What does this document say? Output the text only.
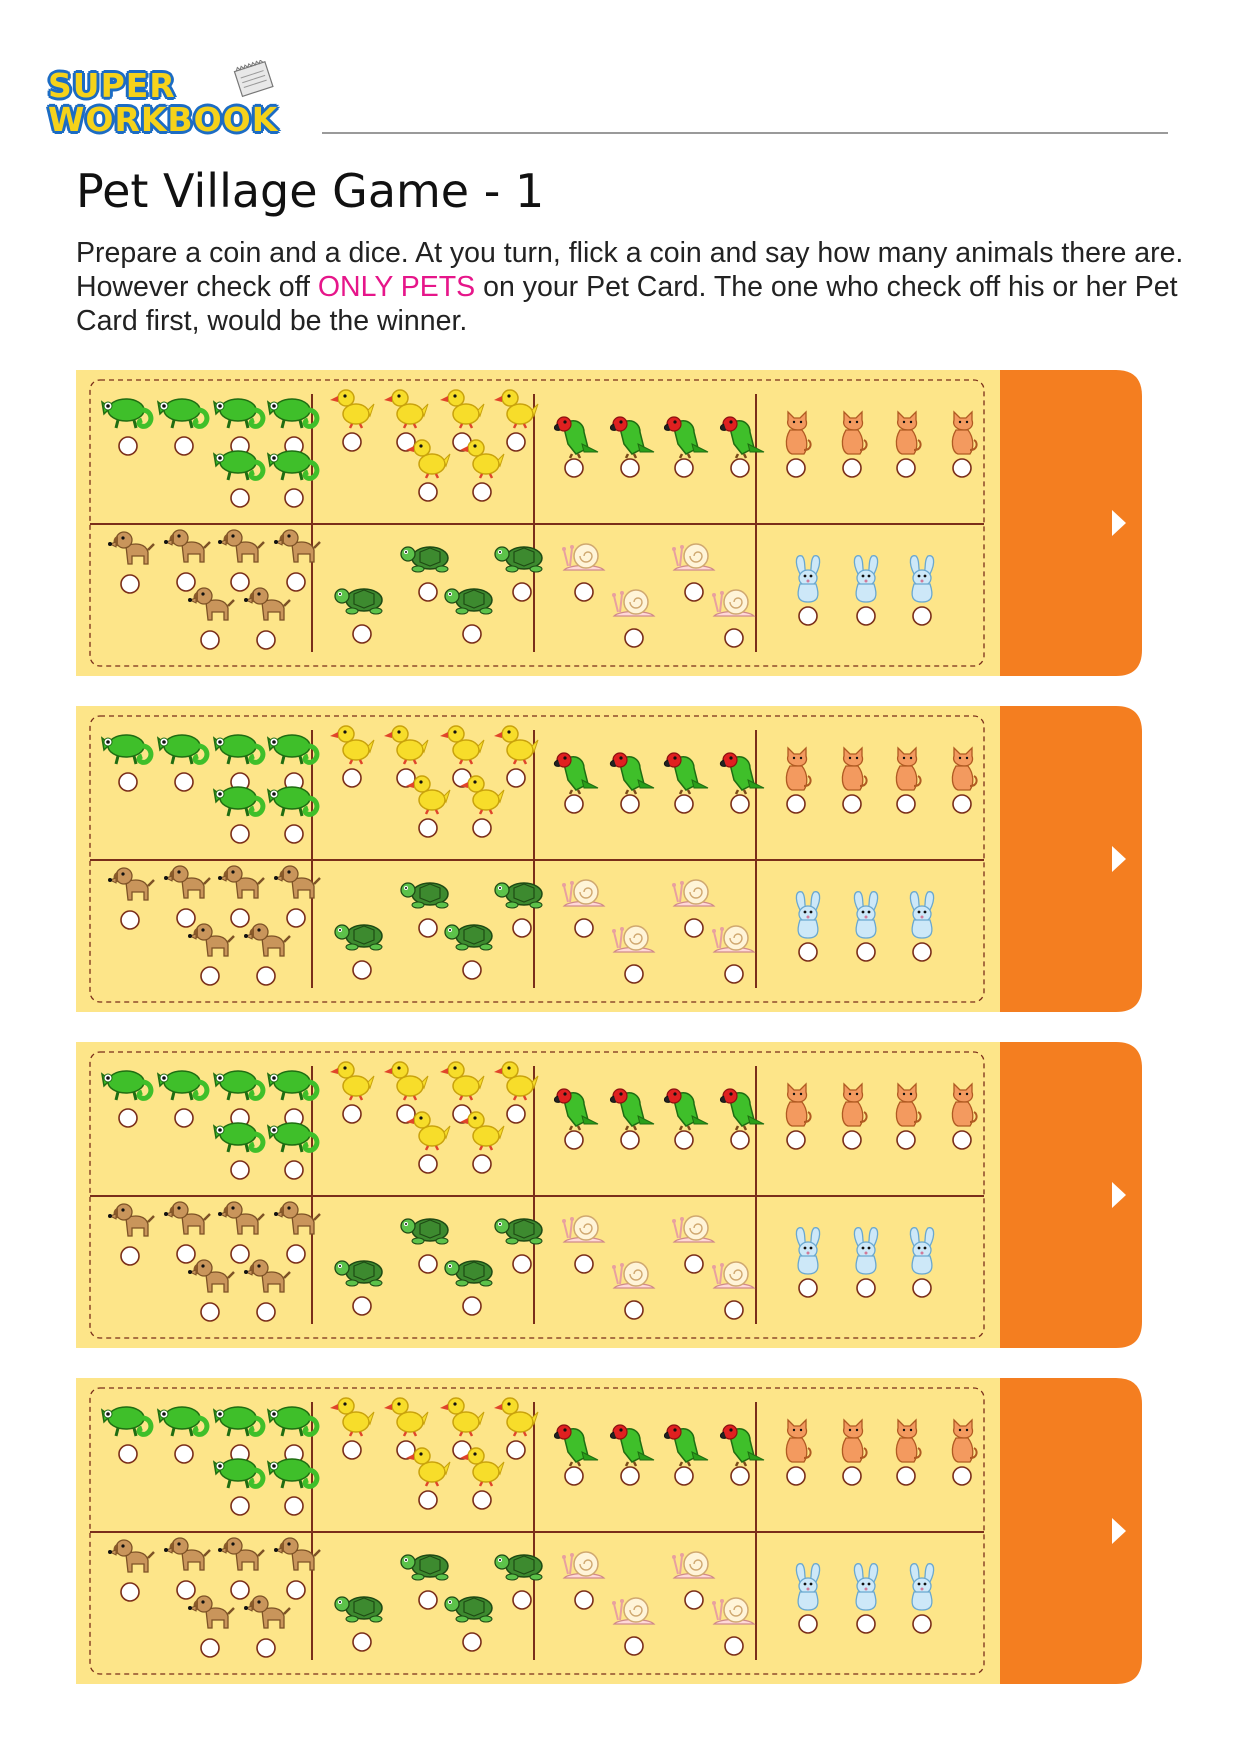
SUPER
WORKBOOK
Pet Village Game - 1
Prepare a coin and a dice. At you turn, flick a coin and say how many animals there are. However check off ONLY PETS on your Pet Card. The one who check off his or her Pet Card first, would be the winner.
